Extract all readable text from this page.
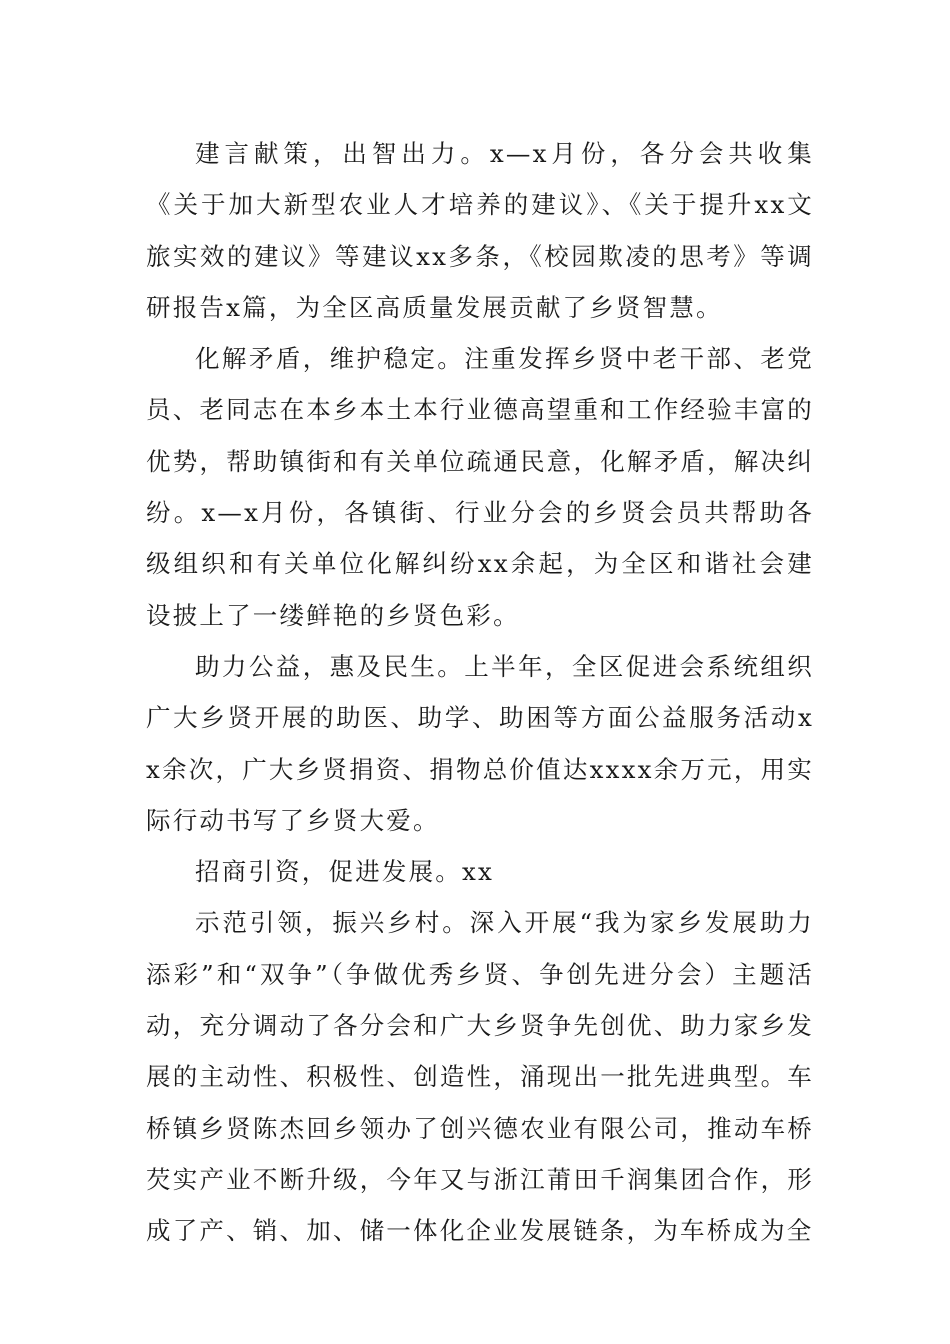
建言献策，出智出力。x—x月份，各分会共收集《关于加大新型农业人才培养的建议》、《关于提升xx文旅实效的建议》等建议xx多条，《校园欺凌的思考》等调研报告x篇，为全区高质量发展贡献了乡贤智慧。

化解矛盾，维护稳定。注重发挥乡贤中老干部、老党员、老同志在本乡本土本行业德高望重和工作经验丰富的优势，帮助镇街和有关单位疏通民意，化解矛盾，解决纠纷。x—x月份，各镇街、行业分会的乡贤会员共帮助各级组织和有关单位化解纠纷xx余起，为全区和谐社会建设披上了一缕鲜艳的乡贤色彩。

助力公益，惠及民生。上半年，全区促进会系统组织广大乡贤开展的助医、助学、助困等方面公益服务活动xx余次，广大乡贤捐资、捐物总价值达xxxx余万元，用实际行动书写了乡贤大爱。

招商引资，促进发展。xx

示范引领，振兴乡村。深入开展“我为家乡发展助力添彩”和“双争”（争做优秀乡贤、争创先进分会）主题活动，充分调动了各分会和广大乡贤争先创优、助力家乡发展的主动性、积极性、创造性，涌现出一批先进典型。车桥镇乡贤陈杰回乡领办了创兴德农业有限公司，推动车桥芡实产业不断升级，今年又与浙江莆田千润集团合作，形成了产、销、加、储一体化企业发展链条，为车桥成为全
